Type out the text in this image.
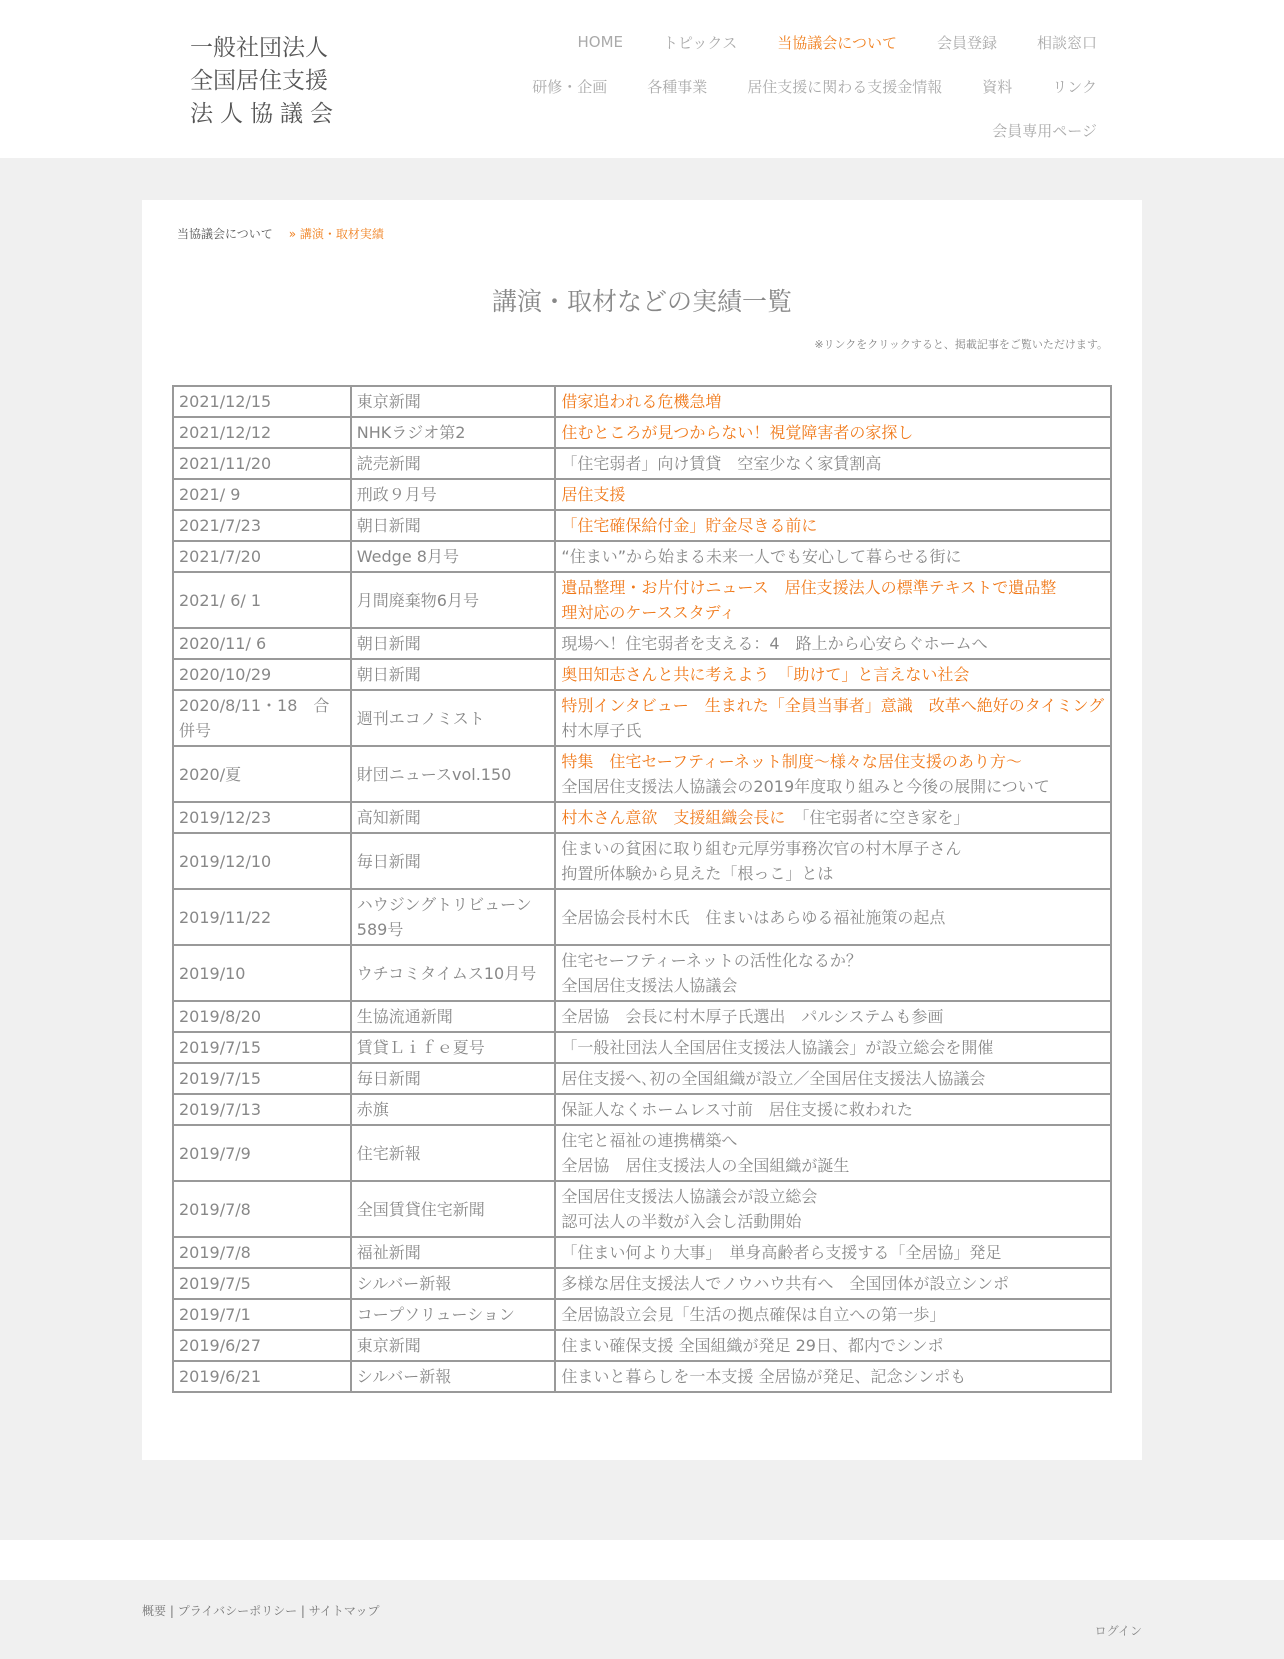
一般社団法人
全国居住支援
法人協議会
HOME	トピックス	当協議会について	会員登録	相談窓口
研修・企画	各種事業	居住支援に関わる支援金情報	資料	リンク
会員専用ページ
当協議会について » 講演・取材実績
講演・取材などの実績一覧
※リンクをクリックすると、掲載記事をご覧いただけます。
2021/12/15	東京新聞	借家追われる危機急増
2021/12/12	NHKラジオ第2	住むところが見つからない！視覚障害者の家探し
2021/11/20	読売新聞	「住宅弱者」向け賃貸　空室少なく家賃割高
2021/ 9	刑政９月号	居住支援
2021/7/23	朝日新聞	「住宅確保給付金」貯金尽きる前に
2021/7/20	Wedge 8月号	“住まい”から始まる未来一人でも安心して暮らせる街に
2021/ 6/ 1	月間廃棄物6月号	遺品整理・お片付けニュース　居住支援法人の標準テキストで遺品整
理対応のケーススタディ
2020/11/ 6	朝日新聞	現場へ！住宅弱者を支える：4　路上から心安らぐホームへ
2020/10/29	朝日新聞	奥田知志さんと共に考えよう　「助けて」と言えない社会
2020/8/11・18　合併号	週刊エコノミスト	特別インタビュー　生まれた「全員当事者」意識　改革へ絶好のタイミング　村木厚子氏
2020/夏	財団ニュースvol.150	特集　住宅セーフティーネット制度～様々な居住支援のあり方～
全国居住支援法人協議会の2019年度取り組みと今後の展開について
2019/12/23	高知新聞	村木さん意欲　支援組織会長に　「住宅弱者に空き家を」
2019/12/10	毎日新聞	住まいの貧困に取り組む元厚労事務次官の村木厚子さん
拘置所体験から見えた「根っこ」とは
2019/11/22	ハウジングトリビューン589号	全居協会長村木氏　住まいはあらゆる福祉施策の起点
2019/10	ウチコミタイムス10月号	住宅セーフティーネットの活性化なるか？
全国居住支援法人協議会
2019/8/20	生協流通新聞	全居協　会長に村木厚子氏選出　パルシステムも参画
2019/7/15	賃貸Ｌｉｆｅ夏号	「一般社団法人全国居住支援法人協議会」が設立総会を開催
2019/7/15	毎日新聞	居住支援へ､初の全国組織が設立／全国居住支援法人協議会
2019/7/13	赤旗	保証人なくホームレス寸前　居住支援に救われた
2019/7/9	住宅新報	住宅と福祉の連携構築へ
全居協　居住支援法人の全国組織が誕生
2019/7/8	全国賃貸住宅新聞	全国居住支援法人協議会が設立総会
認可法人の半数が入会し活動開始
2019/7/8	福祉新聞	「住まい何より大事」　単身高齢者ら支援する「全居協」発足
2019/7/5	シルバー新報	多様な居住支援法人でノウハウ共有へ　全国団体が設立シンポ
2019/7/1	コープソリューション	全居協設立会見「生活の拠点確保は自立への第一歩」
2019/6/27	東京新聞	住まい確保支援 全国組織が発足 29日、都内でシンポ
2019/6/21	シルバー新報	住まいと暮らしを一本支援 全居協が発足、記念シンポも
概要 | プライバシーポリシー | サイトマップ
ログイン
